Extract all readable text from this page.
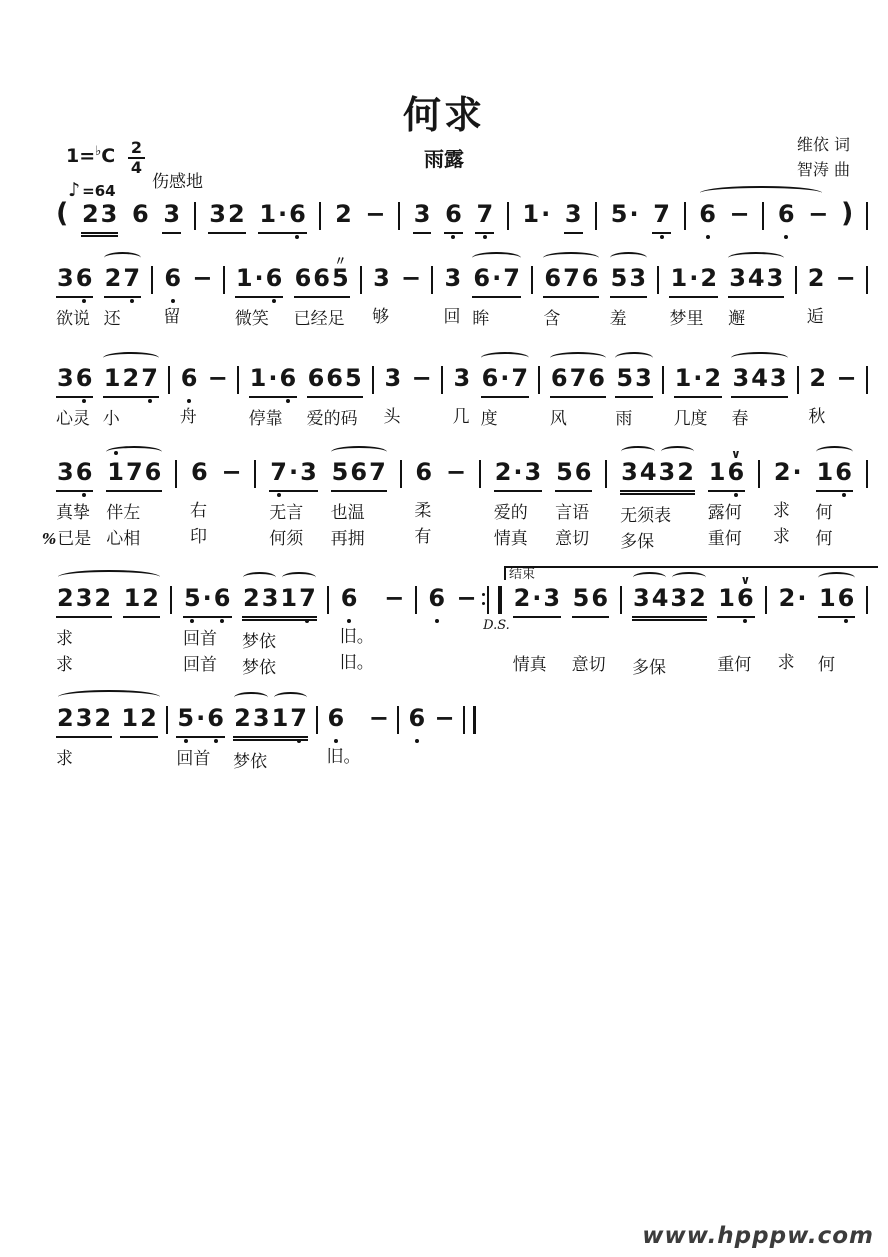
何求
雨露
维依 词
智涛 曲
$1=^♭C \frac{2}{4}$
♪ =64 伤感地
( 2 3 6 3 3 2 1 · 6 2 − 3 6 7 1 · 3 5 · 7 6 − 6 − )
3 6
欲说
2 7
还
6
留
− 1 · 6
微笑
6 6 〃 5
已经足
3
够
− 3
回
6 · 7
眸
6 7 6
含
5 3
羞
1 · 2
梦里
3 4 3
邂
2
逅
−
3 6
心灵
1 2 7
小
6
舟
− 1 · 6
停靠
6 6 5
爱的码
3
头
− 3
几
6 · 7
度
6 7 6
风
5 3
雨
1 · 2
几度
3 4 3
春
2
秋
−
3 6
真挚
%已是
1 7 6
伴左
心相
6
右
印
− 7 · 3
无言
何须
5 6 7
也温
再拥
6
柔
有
− 2 · 3
爱的
情真
5 6
言语
意切
3 4 3 2
无须表
多保
1 ∨ 6
露何
重何
2 ·
求
求
1 6
何
何
2 3 2
求
求
1 2 5 · 6
回首
回首
2 3 1 7
梦依
梦依
6
旧。
旧。
− 6 −
D.S.
2 · 3
情真
5 6
意切
3 4 3 2
多保
1 ∨ 6
重何
2 ·
求
1 6
何
结束
2 3 2
求
1 2 5 · 6
回首
2 3 1 7
梦依
6
旧。
− 6 −
www.hpppw.com
